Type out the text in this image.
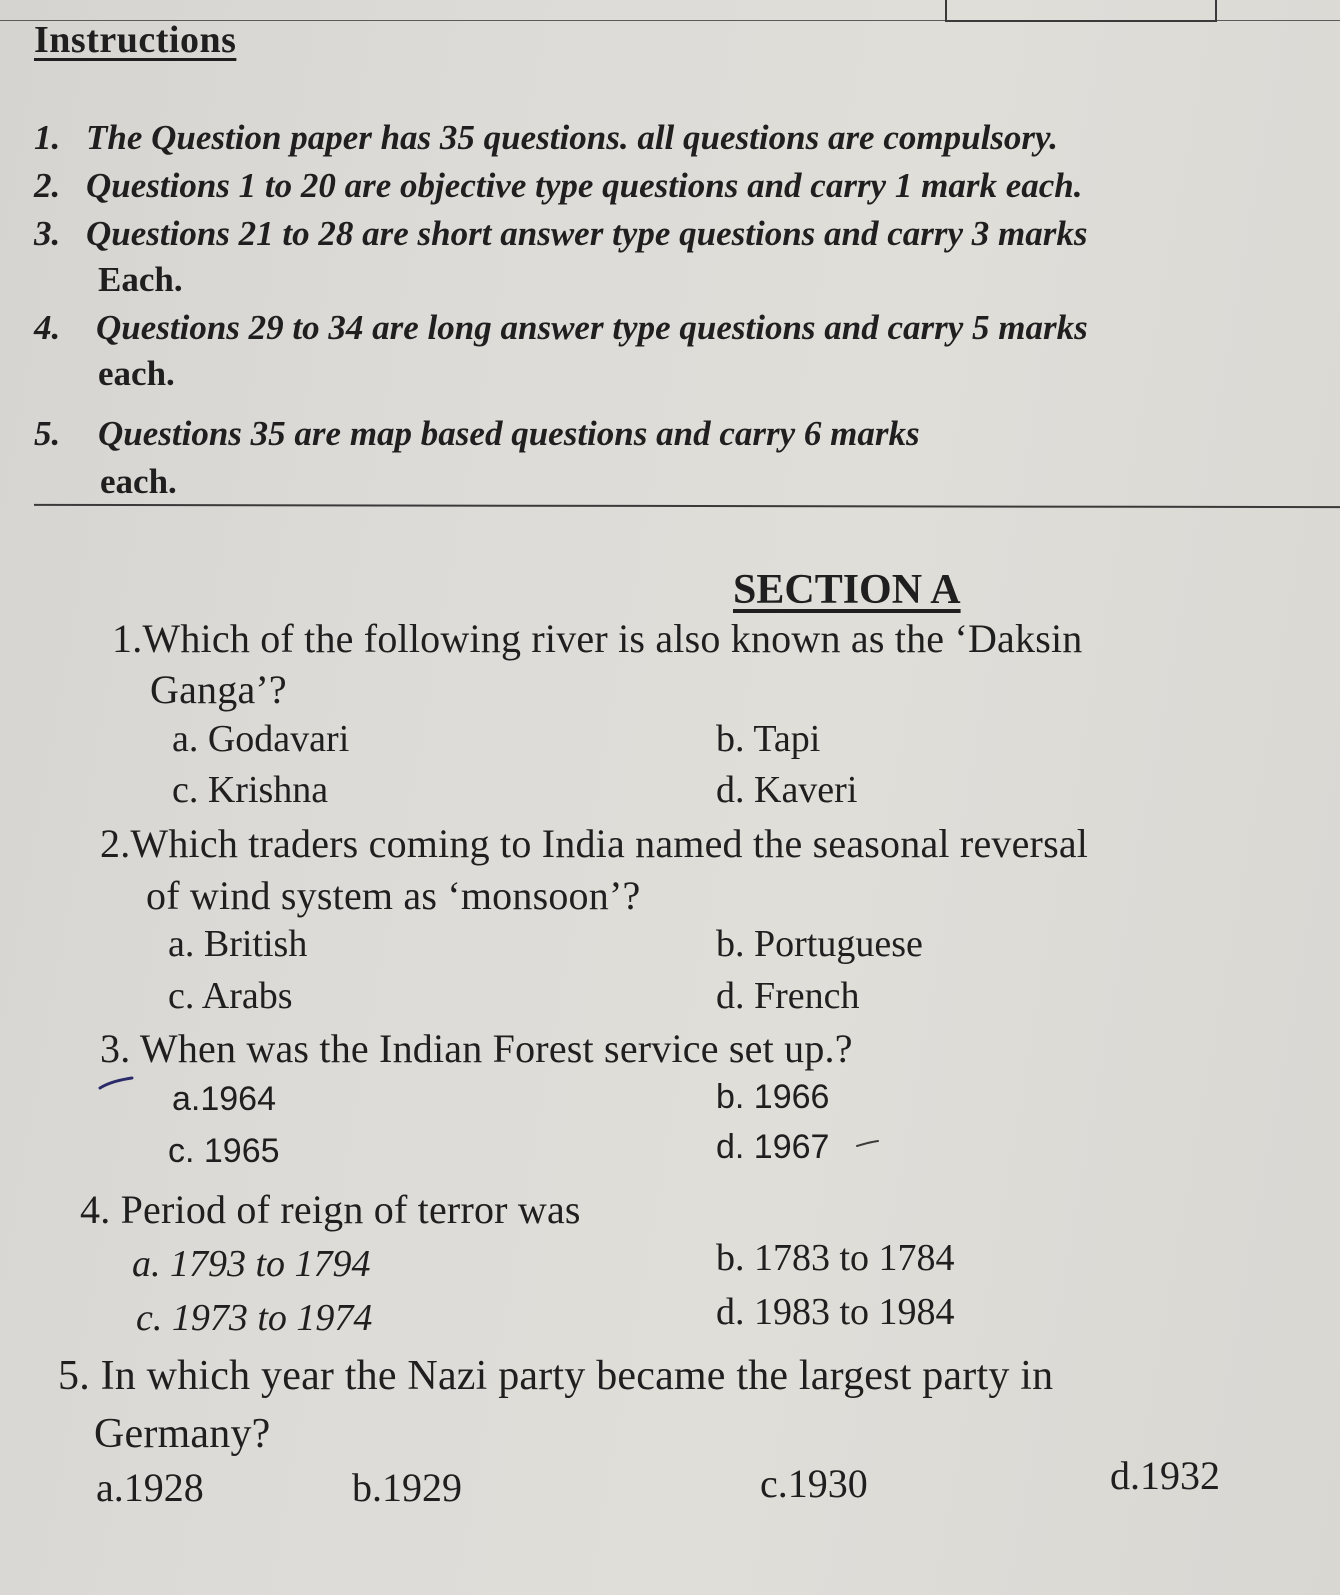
Instructions
1. The Question paper has 35 questions. all questions are compulsory.
2. Questions 1 to 20 are objective type questions and carry 1 mark each.
3. Questions 21 to 28 are short answer type questions and carry 3 marks
Each.
4. Questions 29 to 34 are long answer type questions and carry 5 marks
each.
5. Questions 35 are map based questions and carry 6 marks
each.
SECTION A
1.Which of the following river is also known as the ‘Daksin
Ganga’?
a. Godavari	b. Tapi
c. Krishna	d. Kaveri
2.Which traders coming to India named the seasonal reversal
of wind system as ‘monsoon’?
a. British	b. Portuguese
c. Arabs	d. French
3. When was the Indian Forest service set up.?
a.1964	b. 1966
c. 1965	d. 1967
4. Period of reign of terror was
a. 1793 to 1794	b. 1783 to 1784
c. 1973 to 1974	d. 1983 to 1984
5. In which year the Nazi party became the largest party in
Germany?
a.1928	b.1929	c.1930	d.1932
